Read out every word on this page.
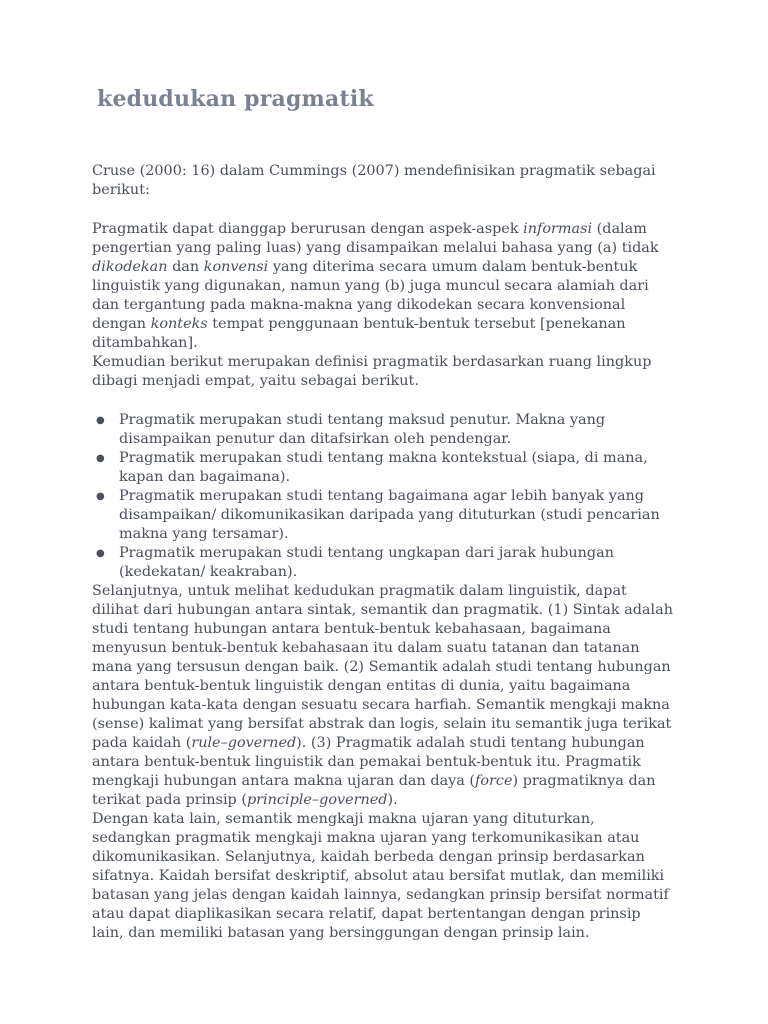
kedudukan pragmatik

Cruse (2000: 16) dalam Cummings (2007) mendefinisikan pragmatik sebagai berikut:

Pragmatik dapat dianggap berurusan dengan aspek-aspek informasi (dalam pengertian yang paling luas) yang disampaikan melalui bahasa yang (a) tidak dikodekan dan konvensi yang diterima secara umum dalam bentuk-bentuk linguistik yang digunakan, namun yang (b) juga muncul secara alamiah dari dan tergantung pada makna-makna yang dikodekan secara konvensional dengan konteks tempat penggunaan bentuk-bentuk tersebut [penekanan ditambahkan].

Kemudian berikut merupakan definisi pragmatik berdasarkan ruang lingkup dibagi menjadi empat, yaitu sebagai berikut.

● Pragmatik merupakan studi tentang maksud penutur. Makna yang disampaikan penutur dan ditafsirkan oleh pendengar.
● Pragmatik merupakan studi tentang makna kontekstual (siapa, di mana, kapan dan bagaimana).
● Pragmatik merupakan studi tentang bagaimana agar lebih banyak yang disampaikan/ dikomunikasikan daripada yang dituturkan (studi pencarian makna yang tersamar).
● Pragmatik merupakan studi tentang ungkapan dari jarak hubungan (kedekatan/ keakraban).

Selanjutnya, untuk melihat kedudukan pragmatik dalam linguistik, dapat dilihat dari hubungan antara sintak, semantik dan pragmatik. (1) Sintak adalah studi tentang hubungan antara bentuk-bentuk kebahasaan, bagaimana menyusun bentuk-bentuk kebahasaan itu dalam suatu tatanan dan tatanan mana yang tersusun dengan baik. (2) Semantik adalah studi tentang hubungan antara bentuk-bentuk linguistik dengan entitas di dunia, yaitu bagaimana hubungan kata-kata dengan sesuatu secara harfiah. Semantik mengkaji makna (sense) kalimat yang bersifat abstrak dan logis, selain itu semantik juga terikat pada kaidah (rule–governed). (3) Pragmatik adalah studi tentang hubungan antara bentuk-bentuk linguistik dan pemakai bentuk-bentuk itu. Pragmatik mengkaji hubungan antara makna ujaran dan daya (force) pragmatiknya dan terikat pada prinsip (principle–governed).

Dengan kata lain, semantik mengkaji makna ujaran yang dituturkan, sedangkan pragmatik mengkaji makna ujaran yang terkomunikasikan atau dikomunikasikan. Selanjutnya, kaidah berbeda dengan prinsip berdasarkan sifatnya. Kaidah bersifat deskriptif, absolut atau bersifat mutlak, dan memiliki batasan yang jelas dengan kaidah lainnya, sedangkan prinsip bersifat normatif atau dapat diaplikasikan secara relatif, dapat bertentangan dengan prinsip lain, dan memiliki batasan yang bersinggungan dengan prinsip lain.
